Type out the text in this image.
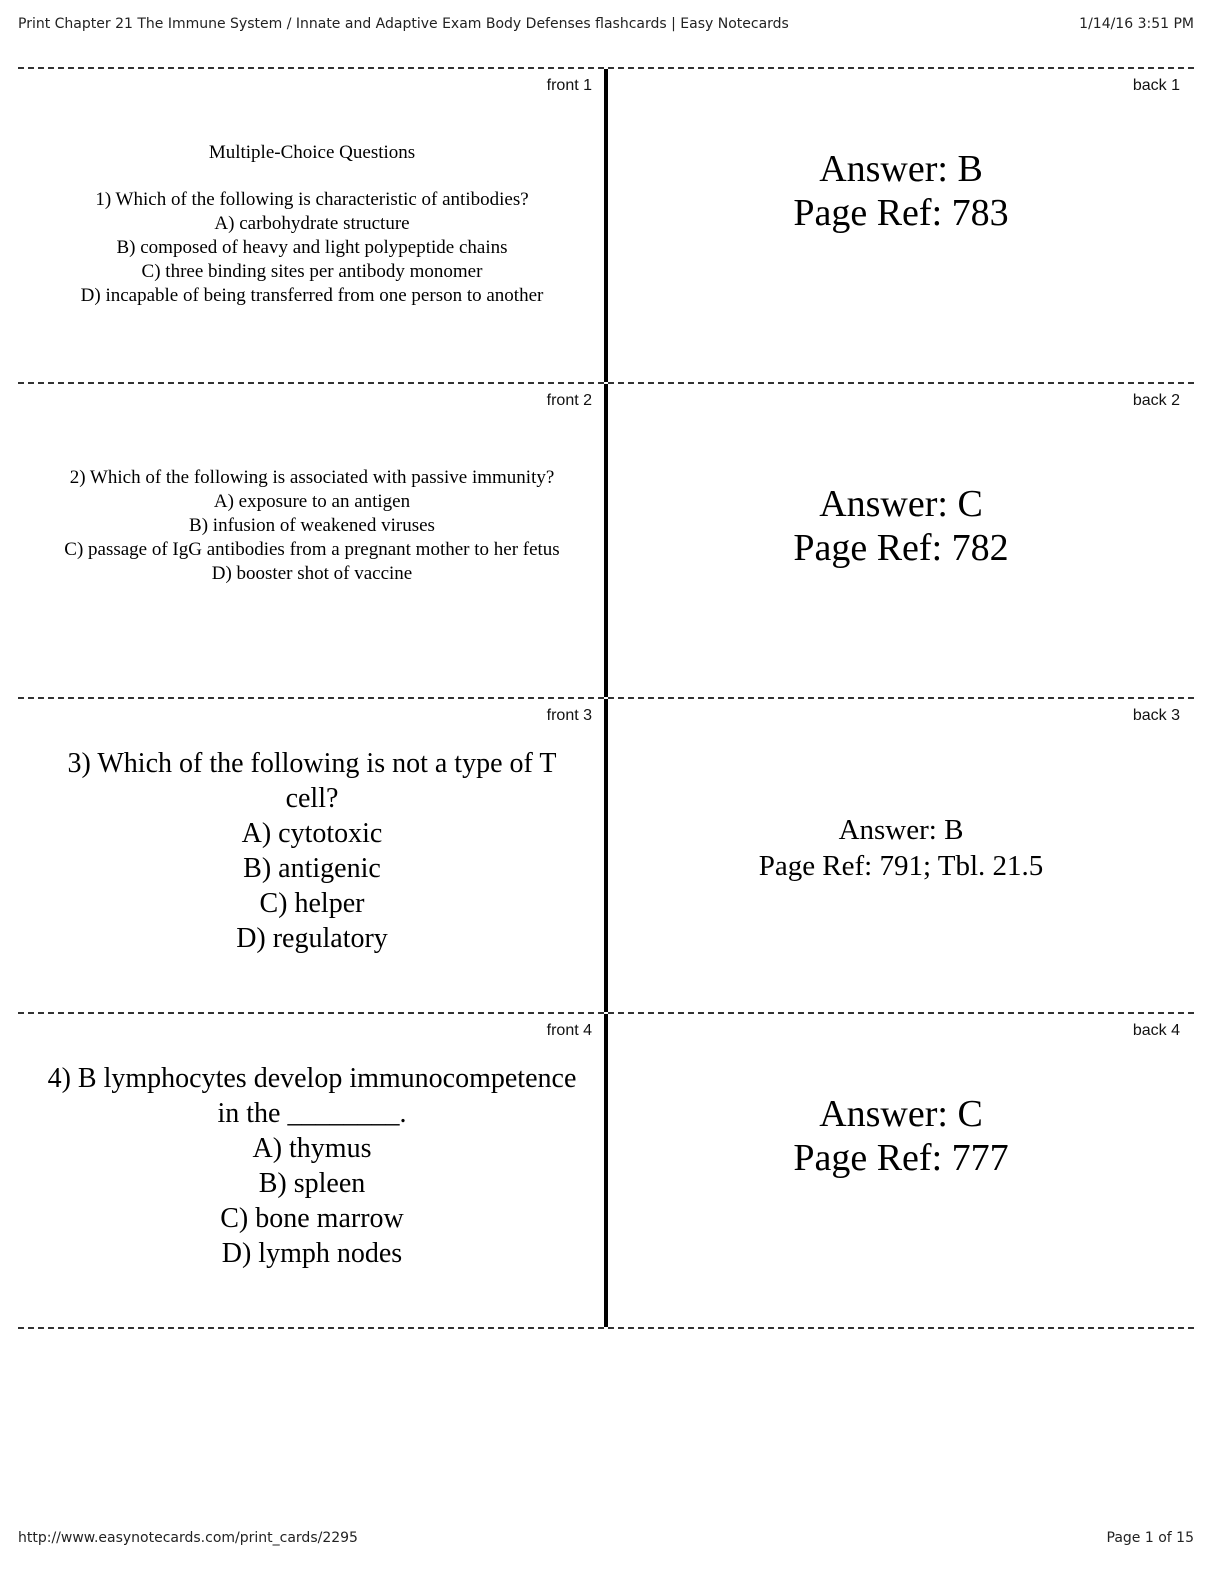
Print Chapter 21 The Immune System / Innate and Adaptive Exam Body Defenses flashcards | Easy Notecards	1/14/16 3:51 PM
front 1
Multiple-Choice Questions
1) Which of the following is characteristic of antibodies?
A) carbohydrate structure
B) composed of heavy and light polypeptide chains
C) three binding sites per antibody monomer
D) incapable of being transferred from one person to another
back 1
Answer: B
Page Ref: 783
front 2
2) Which of the following is associated with passive immunity?
A) exposure to an antigen
B) infusion of weakened viruses
C) passage of IgG antibodies from a pregnant mother to her fetus
D) booster shot of vaccine
back 2
Answer: C
Page Ref: 782
front 3
3) Which of the following is not a type of T
cell?
A) cytotoxic
B) antigenic
C) helper
D) regulatory
back 3
Answer: B
Page Ref: 791; Tbl. 21.5
front 4
4) B lymphocytes develop immunocompetence
in the ________.
A) thymus
B) spleen
C) bone marrow
D) lymph nodes
back 4
Answer: C
Page Ref: 777
http://www.easynotecards.com/print_cards/2295	Page 1 of 15
